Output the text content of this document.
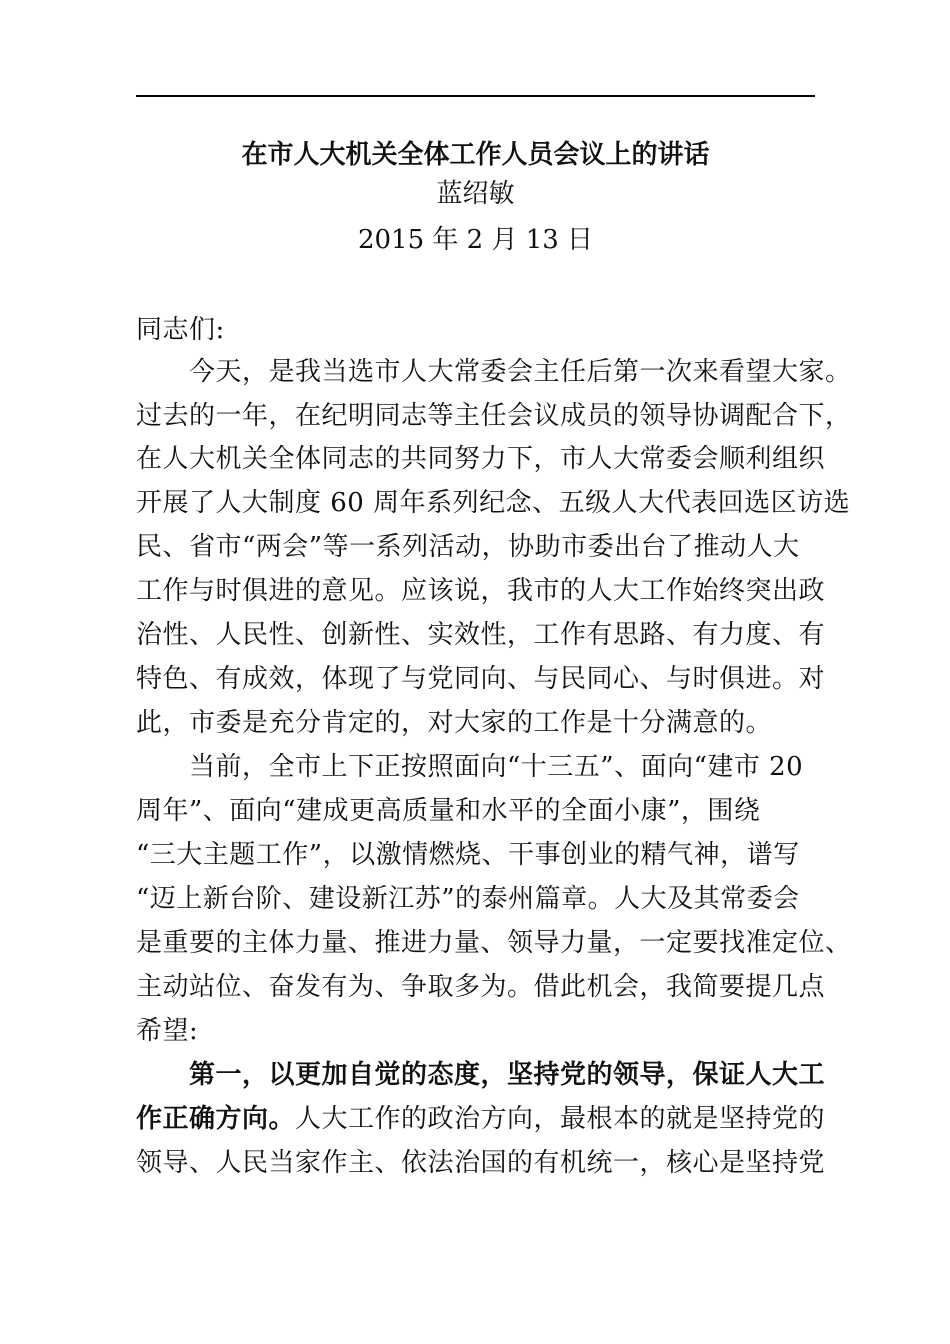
在市人大机关全体工作人员会议上的讲话
蓝绍敏
2015 年 2 月 13 日
同志们:
　　今天，是我当选市人大常委会主任后第一次来看望大家。
过去的一年，在纪明同志等主任会议成员的领导协调配合下，
在人大机关全体同志的共同努力下，市人大常委会顺利组织
开展了人大制度 60 周年系列纪念、五级人大代表回选区访选
民、省市“两会”等一系列活动，协助市委出台了推动人大
工作与时俱进的意见。应该说，我市的人大工作始终突出政
治性、人民性、创新性、实效性，工作有思路、有力度、有
特色、有成效，体现了与党同向、与民同心、与时俱进。对
此，市委是充分肯定的，对大家的工作是十分满意的。
　　当前，全市上下正按照面向“十三五”、面向“建市 20
周年”、面向“建成更高质量和水平的全面小康”，围绕
“三大主题工作”，以激情燃烧、干事创业的精气神，谱写
“迈上新台阶、建设新江苏”的泰州篇章。人大及其常委会
是重要的主体力量、推进力量、领导力量，一定要找准定位、
主动站位、奋发有为、争取多为。借此机会，我简要提几点
希望:
　　第一，以更加自觉的态度，坚持党的领导，保证人大工
作正确方向。人大工作的政治方向，最根本的就是坚持党的
领导、人民当家作主、依法治国的有机统一，核心是坚持党
